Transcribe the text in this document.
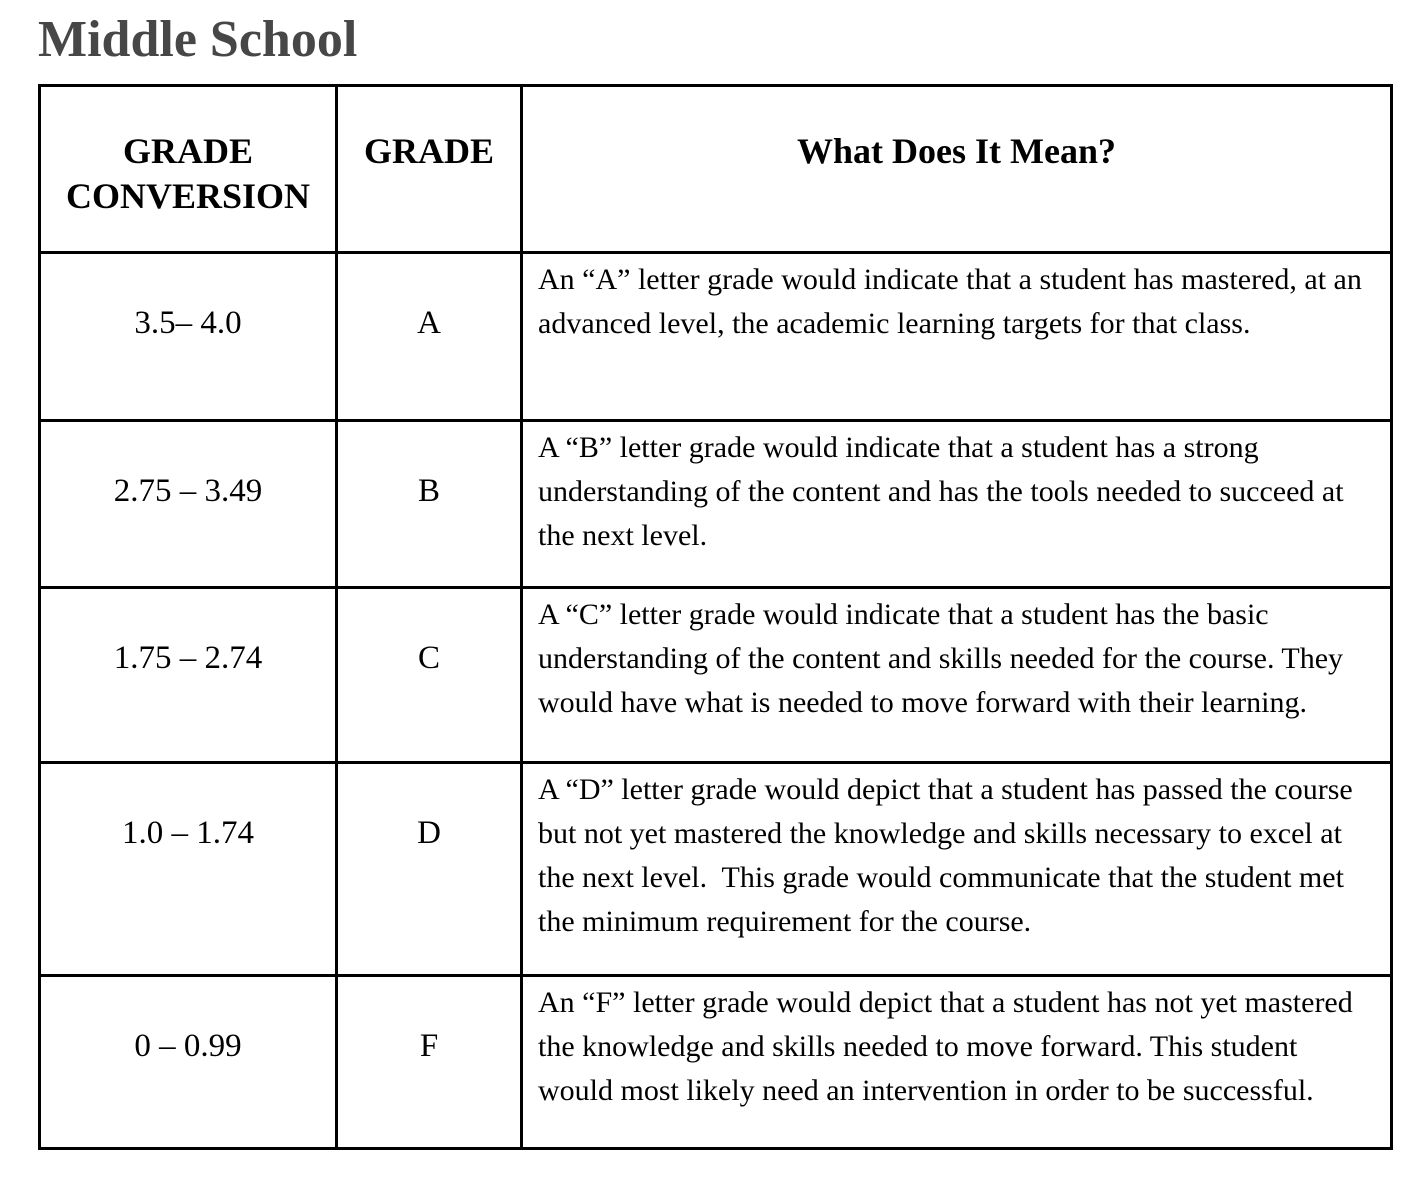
Middle School
GRADE CONVERSION	GRADE	What Does It Mean?
3.5– 4.0	A	An “A” letter grade would indicate that a student has mastered, at an advanced level, the academic learning targets for that class.
2.75 – 3.49	B	A “B” letter grade would indicate that a student has a strong understanding of the content and has the tools needed to succeed at the next level.
1.75 – 2.74	C	A “C” letter grade would indicate that a student has the basic understanding of the content and skills needed for the course. They would have what is needed to move forward with their learning.
1.0 – 1.74	D	A “D” letter grade would depict that a student has passed the course but not yet mastered the knowledge and skills necessary to excel at the next level.  This grade would communicate that the student met the minimum requirement for the course.
0 – 0.99	F	An “F” letter grade would depict that a student has not yet mastered the knowledge and skills needed to move forward. This student would most likely need an intervention in order to be successful.
